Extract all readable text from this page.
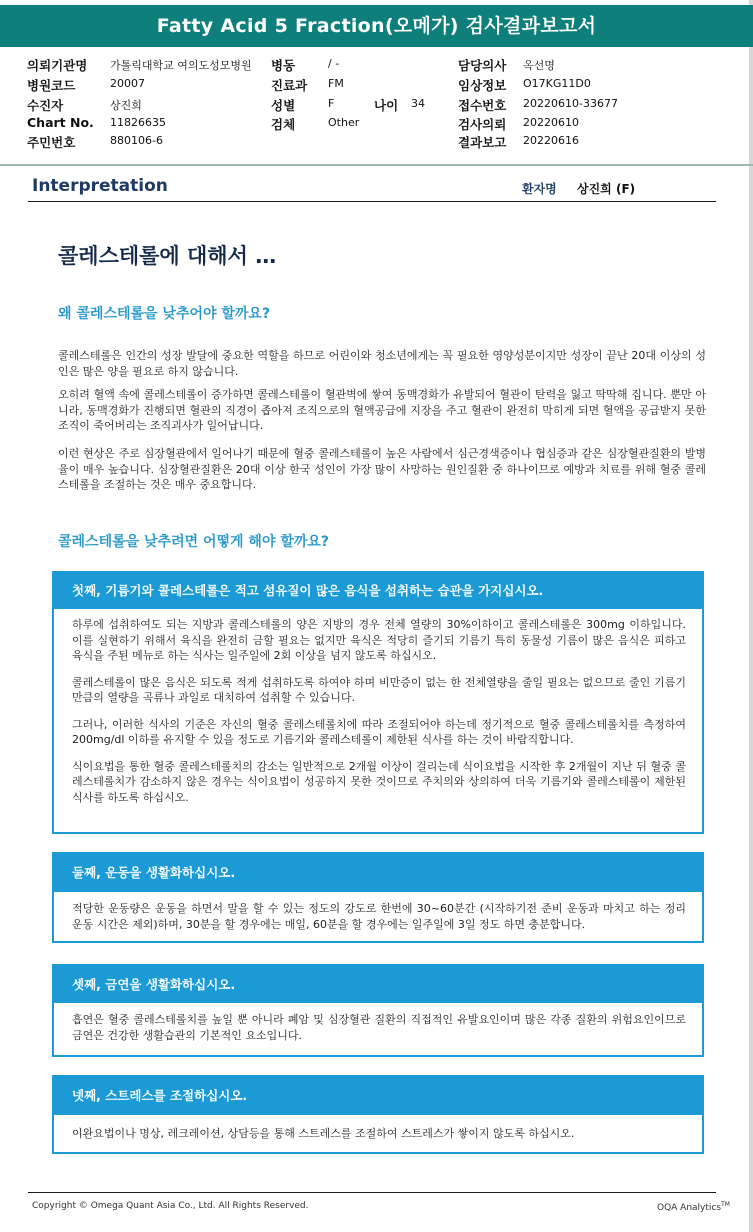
Fatty Acid 5 Fraction(오메가) 검사결과보고서
의뢰기관명 가톨릭대학교 여의도성모병원
병원코드	20007
수진자	상진희
Chart No. 11826635
주민번호	880106-6
병동	/ -
진료과 FM
성별	F	나이 34
검체	Other
담당의사 옥선명
임상정보 O17KG11D0
접수번호 20220610-33677
검사의뢰 20220610
결과보고 20220616
Interpretation	환자명 상진희 (F)
콜레스테롤에 대해서 …
왜 콜레스테롤을 낮추어야 할까요?
콜레스테롤은 인간의 성장 발달에 중요한 역할을 하므로 어린이와 청소년에게는 꼭 필요한 영양성분이지만 성장이 끝난 20대 이상의 성인은 많은 양을 필요로 하지 않습니다.
오히려 혈액 속에 콜레스테롤이 증가하면 콜레스테롤이 혈관벽에 쌓여 동맥경화가 유발되어 혈관이 탄력을 잃고 딱딱해 집니다. 뿐만 아니라, 동맥경화가 진행되면 혈관의 직경이 좁아져 조직으로의 혈액공급에 지장을 주고 혈관이 완전히 막히게 되면 혈액을 공급받지 못한 조직이 죽어버리는 조직괴사가 일어납니다.
이런 현상은 주로 심장혈관에서 일어나기 때문에 혈중 콜레스테롤이 높은 사람에서 심근경색증이나 협심증과 같은 심장혈관질환의 발병율이 매우 높습니다. 심장혈관질환은 20대 이상 한국 성인이 가장 많이 사망하는 원인질환 중 하나이므로 예방과 치료를 위해 혈중 콜레스테롤을 조절하는 것은 매우 중요합니다.
콜레스테롤을 낮추려면 어떻게 해야 할까요?
첫째, 기름기와 콜레스테롤은 적고 섬유질이 많은 음식을 섭취하는 습관을 가지십시오.

하루에 섭취하여도 되는 지방과 콜레스테롤의 양은 지방의 경우 전체 열량의 30%이하이고 콜레스테롤은 300mg 이하입니다. 이를 실현하기 위해서 육식을 완전히 금할 필요는 없지만 육식은 적당히 즐기되 기름기 특히 동물성 기름이 많은 음식은 피하고 육식을 주된 메뉴로 하는 식사는 일주일에 2회 이상을 넘지 않도록 하십시오.

콜레스테롤이 많은 음식은 되도록 적게 섭취하도록 하여야 하며 비만증이 없는 한 전체열량을 줄일 필요는 없으므로 줄인 기름기만큼의 열량을 곡류나 과일로 대치하여 섭취할 수 있습니다.

그러나, 이러한 식사의 기준은 자신의 혈중 콜레스테롤치에 따라 조절되어야 하는데 정기적으로 혈중 콜레스테롤치를 측정하여 200mg/dl 이하를 유지할 수 있을 정도로 기름기와 콜레스테롤이 제한된 식사를 하는 것이 바람직합니다.

식이요법을 통한 혈중 콜레스테롤치의 감소는 일반적으로 2개월 이상이 걸리는데 식이요법을 시작한 후 2개월이 지난 뒤 혈중 콜레스테롤치가 감소하지 않은 경우는 식이요법이 성공하지 못한 것이므로 주치의와 상의하여 더욱 기름기와 콜레스테롤이 제한된 식사를 하도록 하십시오.

둘째, 운동을 생활화하십시오.

적당한 운동량은 운동을 하면서 말을 할 수 있는 정도의 강도로 한번에 30~60분간 (시작하기전 준비 운동과 마치고 하는 정리 운동 시간은 제외)하며, 30분을 할 경우에는 매일, 60분을 할 경우에는 일주일에 3일 정도 하면 충분합니다.

셋째, 금연을 생활화하십시오.

흡연은 혈중 콜레스테롤치를 높일 뿐 아니라 폐암 및 심장혈관 질환의 직접적인 유발요인이며 많은 각종 질환의 위험요인이므로 금연은 건강한 생활습관의 기본적인 요소입니다.

넷째, 스트레스를 조절하십시오.

이완요법이나 명상, 레크레이션, 상담등을 통해 스트레스를 조절하여 스트레스가 쌓이지 않도록 하십시오.

Copyright © Omega Quant Asia Co., Ltd. All Rights Reserved.	OQA Analytics™
